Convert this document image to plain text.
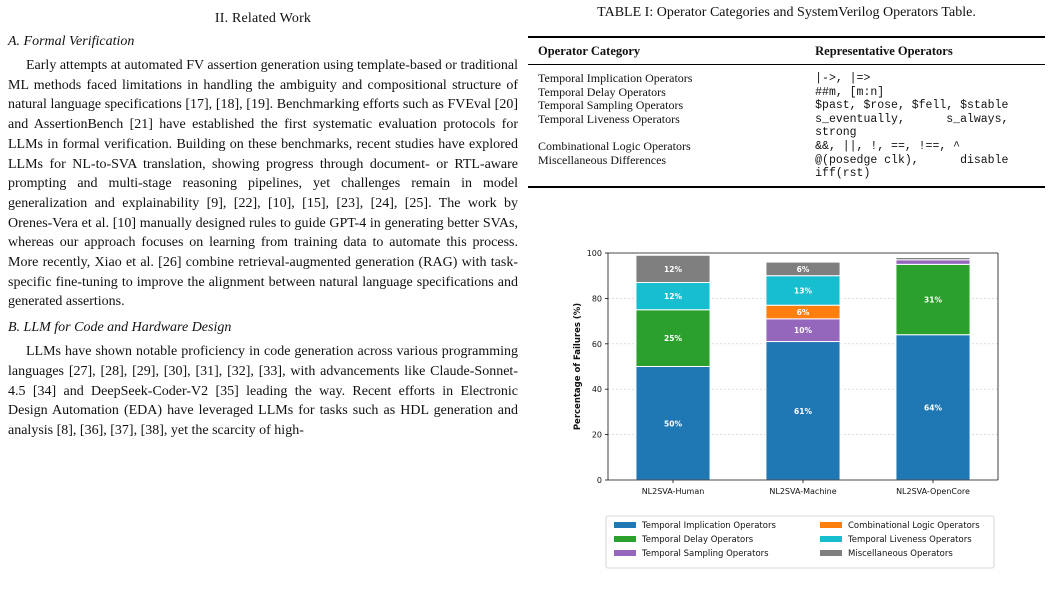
II. Related Work
A. Formal Verification

Early attempts at automated FV assertion generation using template-based or traditional ML methods faced limitations in handling the ambiguity and compositional structure of natural language specifications [17], [18], [19]. Benchmarking efforts such as FVEval [20] and AssertionBench [21] have established the first systematic evaluation protocols for LLMs in formal verification. Building on these benchmarks, recent studies have explored LLMs for NL-to-SVA translation, showing progress through document- or RTL-aware prompting and multi-stage reasoning pipelines, yet challenges remain in model generalization and explainability [9], [22], [10], [15], [23], [24], [25]. The work by Orenes-Vera et al. [10] manually designed rules to guide GPT-4 in generating better SVAs, whereas our approach focuses on learning from training data to automate this process. More recently, Xiao et al. [26] combine retrieval-augmented generation (RAG) with task-specific fine-tuning to improve the alignment between natural language specifications and generated assertions.

B. LLM for Code and Hardware Design

LLMs have shown notable proficiency in code generation across various programming languages [27], [28], [29], [30], [31], [32], [33], with advancements like Claude-Sonnet-4.5 [34] and DeepSeek-Coder-V2 [35] leading the way. Recent efforts in Electronic Design Automation (EDA) have leveraged LLMs for tasks such as HDL generation and analysis [8], [36], [37], [38], yet the scarcity of high-

TABLE I: Operator Categories and SystemVerilog Operators Table.
Operator Category	Representative Operators
Temporal Implication Operators	|->, |=>
Temporal Delay Operators	##m, [m:n]
Temporal Sampling Operators	$past, $rose, $fell, $stable
Temporal Liveness Operators	s_eventually,      s_always,
strong
Combinational Logic Operators	&&, ||, !, ==, !==, ^
Miscellaneous Differences	@(posedge clk),      disable
iff(rst)
50%
25%
12%
12%
NL2SVA-Human
61%
10%
6%
13%
6%
NL2SVA-Machine
64%
31%
NL2SVA-OpenCore
0
20
40
60
80
100
Percentage of Failures (%)
Temporal Implication Operators	Combinational Logic Operators
Temporal Delay Operators	Temporal Liveness Operators
Temporal Sampling Operators	Miscellaneous Operators
